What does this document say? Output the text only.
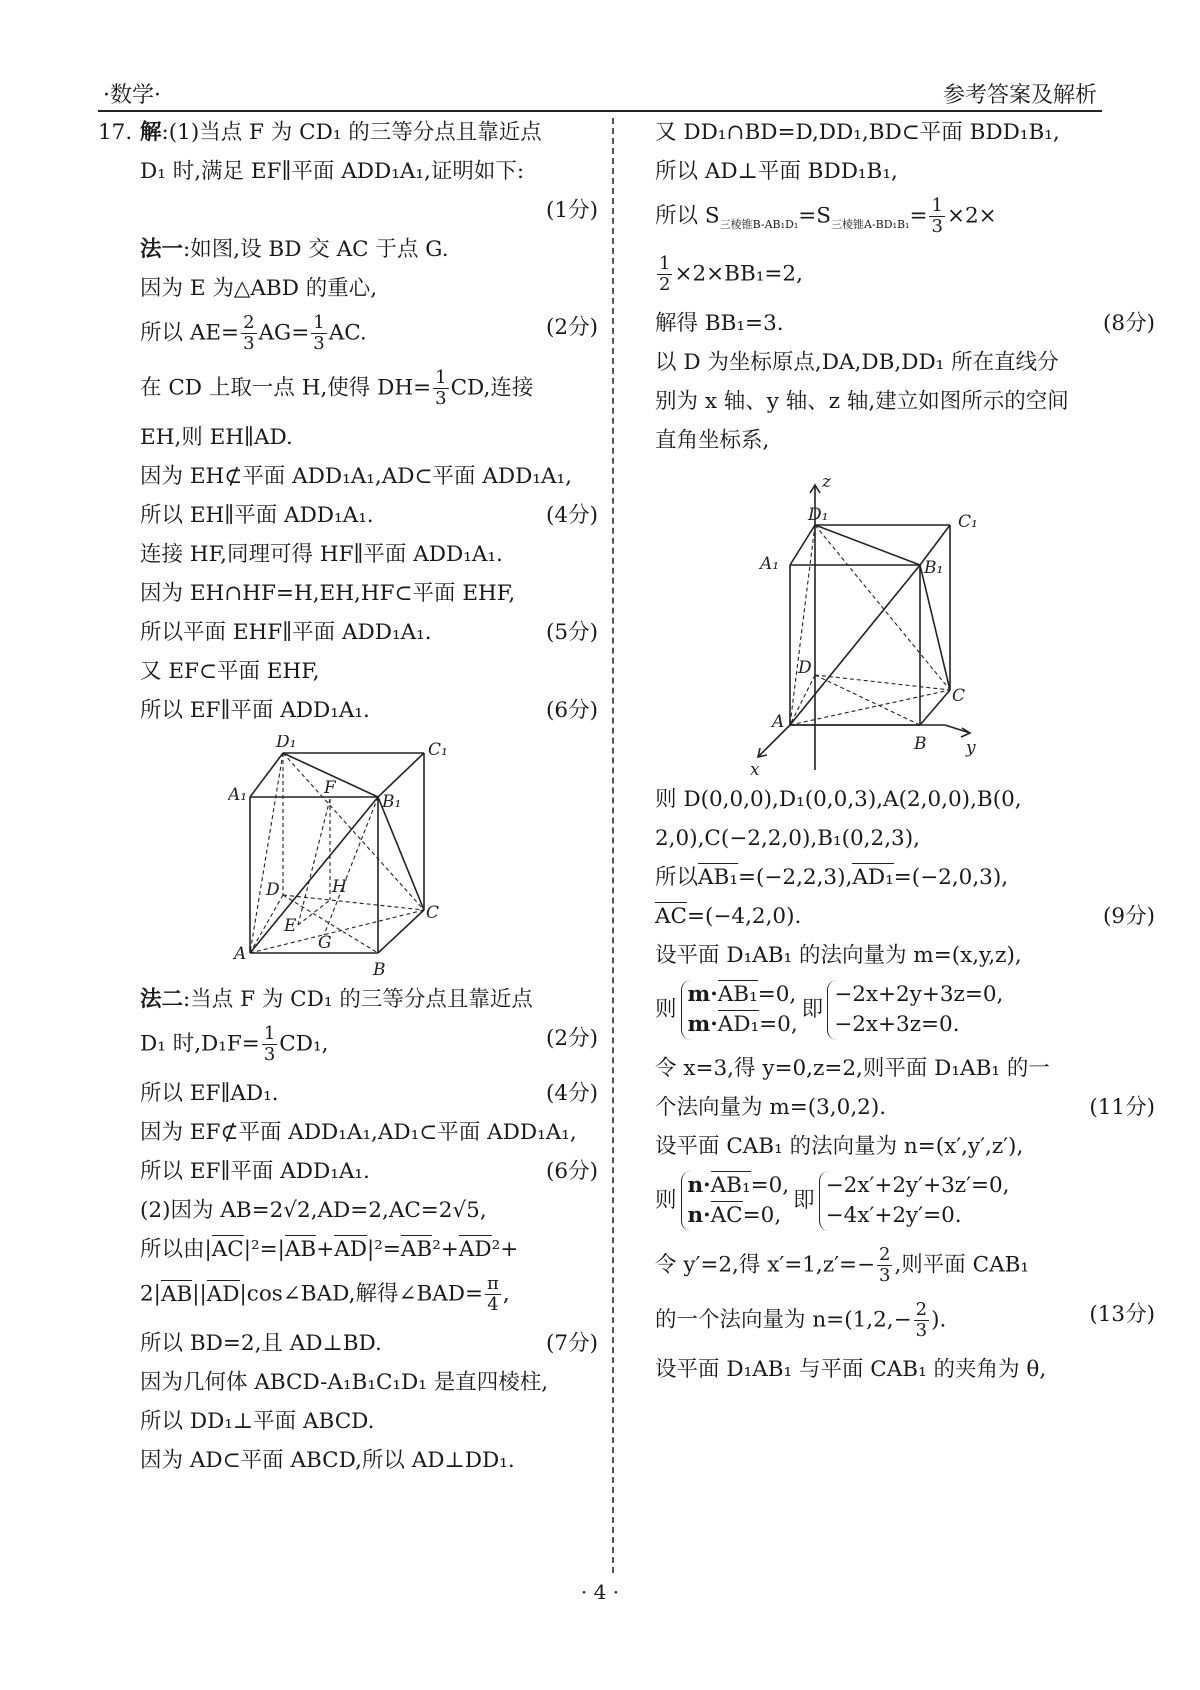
·数学·	参考答案及解析
17. 解:(1)当点 F 为 CD₁ 的三等分点且靠近点
D₁ 时,满足 EF∥平面 ADD₁A₁,证明如下:
(1分)

法一:如图,设 BD 交 AC 于点 G.
因为 E 为△ABD 的重心,
所以 $AE= \frac{2}{3} AG= \frac{1}{3}$ AC.	(2分)
在 CD 上取一点 H,使得 $DH= \frac{1}{3}$ CD,连接
EH,则 EH∥AD.
因为 EH⊄平面 ADD₁A₁,AD⊂平面 ADD₁A₁,
所以 EH∥平面 ADD₁A₁.	(4分)
连接 HF,同理可得 HF∥平面 ADD₁A₁.
因为 EH∩HF=H,EH,HF⊂平面 EHF,
所以平面 EHF∥平面 ADD₁A₁.	(5分)
又 EF⊂平面 EHF,
所以 EF∥平面 ADD₁A₁.	(6分)
D₁	C₁
A₁	B₁
F
D	H
C
E
G
A
B
法二:当点 F 为 CD₁ 的三等分点且靠近点
D₁ 时$,D_1F= \frac{1}{3} CD_1$,	(2分)
所以 EF∥AD₁.	(4分)
因为 EF⊄平面 ADD₁A₁,AD₁⊂平面 ADD₁A₁,
所以 EF∥平面 ADD₁A₁.	(6分)
(2)因为 AB=2√2,AD=2,AC=2√5,
所以由|AC|²=|AB+AD|²=AB²+AD²+
2|AB||AD|cos∠BAD,解得∠BAD= $\frac{\pi}{4}$ ,
所以 BD=2,且 AD⊥BD.	(7分)
因为几何体 ABCD-A₁B₁C₁D₁ 是直四棱柱,
所以 DD₁⊥平面 ABCD.
因为 AD⊂平面 ABCD,所以 AD⊥DD₁.
又 DD₁∩BD=D,DD₁,BD⊂平面 BDD₁B₁,
所以 AD⊥平面 BDD₁B₁,
所以 $S_{三棱锥B-AB_1D_1}=S_{三棱锥A-BD_1B_1}= \frac{1}{3} \times 2\times$
$\frac{1}{2} \times 2\times BB_1=2$,
解得 BB₁=3.	(8分)
以 D 为坐标原点,DA,DB,DD₁ 所在直线分
别为 x 轴、y 轴、z 轴,建立如图所示的空间
直角坐标系,
z
D₁	C₁
A₁	B₁
D
C
A
B
x
y
则 D(0,0,0),D₁(0,0,3),A(2,0,0),B(0,
2,0),C(−2,2,0),B₁(0,2,3),
所以AB₁=(−2,2,3),AD₁=(−2,0,3),
AC=(−4,2,0).	(9分)
设平面 D₁AB₁ 的法向量为 m=(x,y,z),
则
m·AB₁=0,
m·AD₁=0,
即
−2x+2y+3z=0,
−2x+3z=0.
令 x=3,得 y=0,z=2,则平面 D₁AB₁ 的一
个法向量为 m=(3,0,2).	(11分)
设平面 CAB₁ 的法向量为 n=(x′,y′,z′),
则
n·AB₁=0,
n·AC=0,
即
−2x′+2y′+3z′=0,
−4x′+2y′=0.
令 y′=2,得 $x'=1,z'=- \frac{2}{3}$ ,则平面 CAB₁
的一个法向量为 $n=(1,2,- \frac{2}{3}$ ).	(13分)
设平面 D₁AB₁ 与平面 CAB₁ 的夹角为 θ,
· 4 ·
